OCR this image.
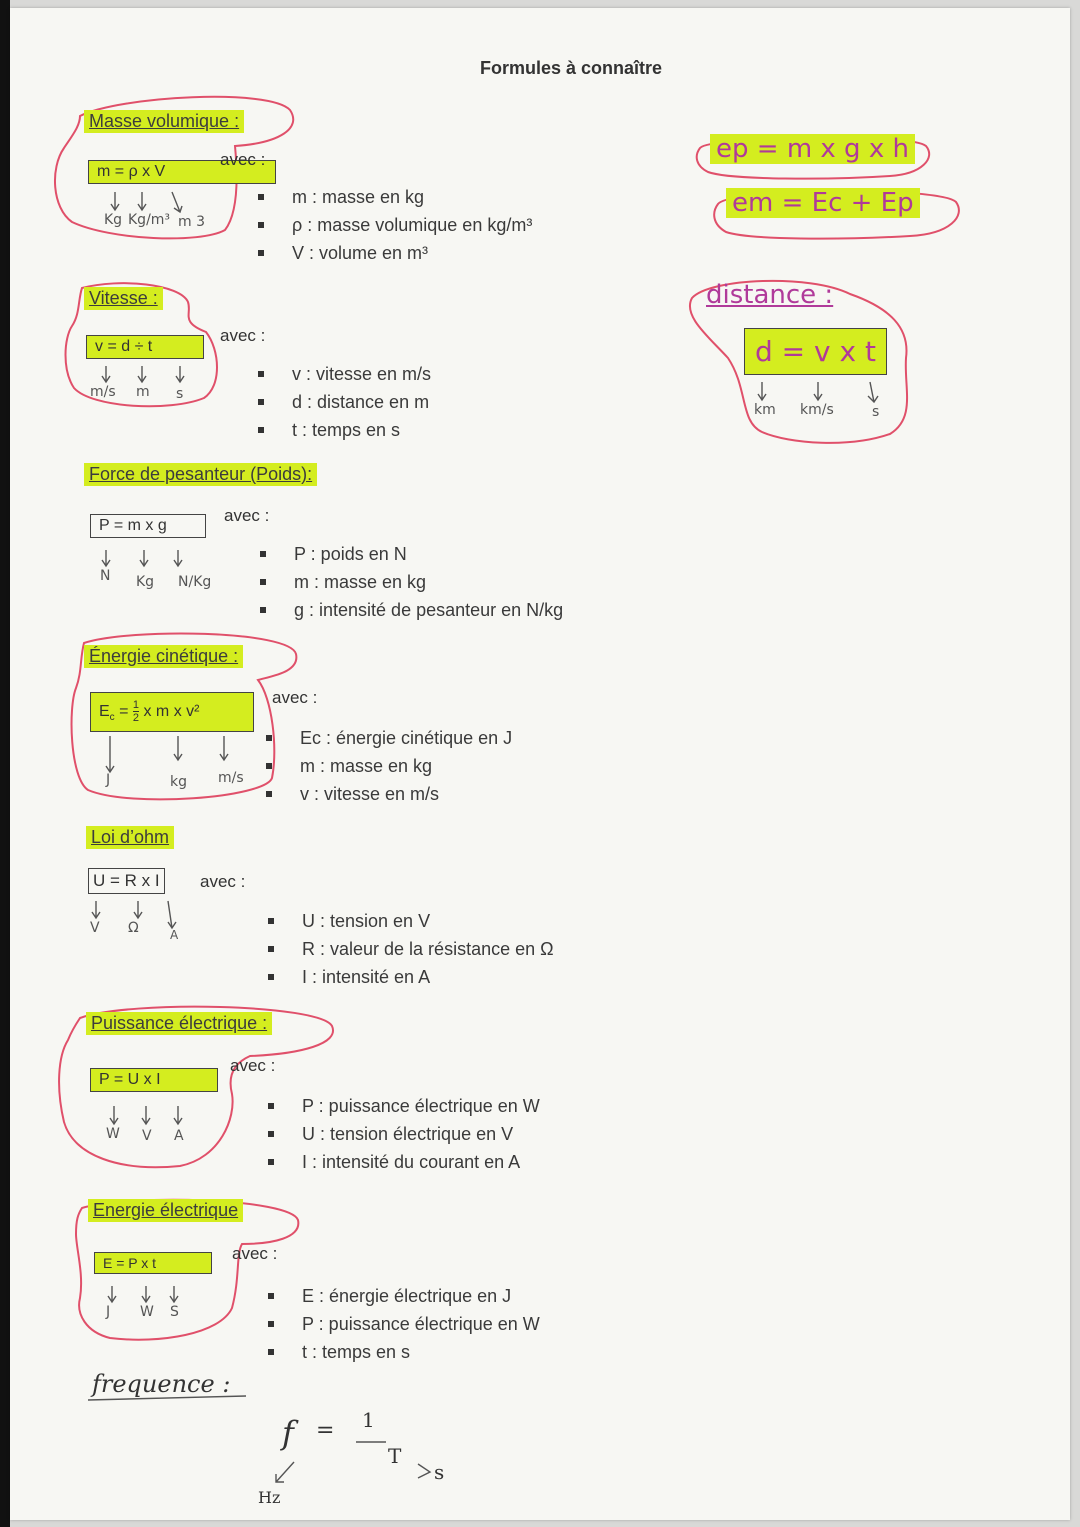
Formules à connaître
Masse volumique :
m = ρ x V
Kg Kg/m³ m 3
avec :
m : masse en kg
ρ : masse volumique en kg/m³
V : volume en m³
Vitesse :
v = d ÷ t
m/s m s
avec :
v : vitesse en m/s
d : distance en m
t : temps en s
Force de pesanteur (Poids):
P = m x g
N Kg N/Kg
avec :
P : poids en N
m : masse en kg
g : intensité de pesanteur en N/kg
Énergie cinétique :
$E_c = \frac{1}{2}$ x m x v²
J	kg m/s
avec :
Ec : énergie cinétique en J
m : masse en kg
v : vitesse en m/s
Loi d’ohm
U = R x I
V Ω	A
avec :
U : tension en V
R : valeur de la résistance en Ω
I : intensité en A
Puissance électrique :
P = U x I
W V A
avec :
P : puissance électrique en W
U : tension électrique en V
I : intensité du courant en A
Energie électrique
E = P x t
J W S
avec :
E : énergie électrique en J
P : puissance électrique en W
t : temps en s
frequence :
f = 1
T
s
Hz
ep = m x g x h
em = Ec + Ep
distance :
d = v x t
km km/s	s
